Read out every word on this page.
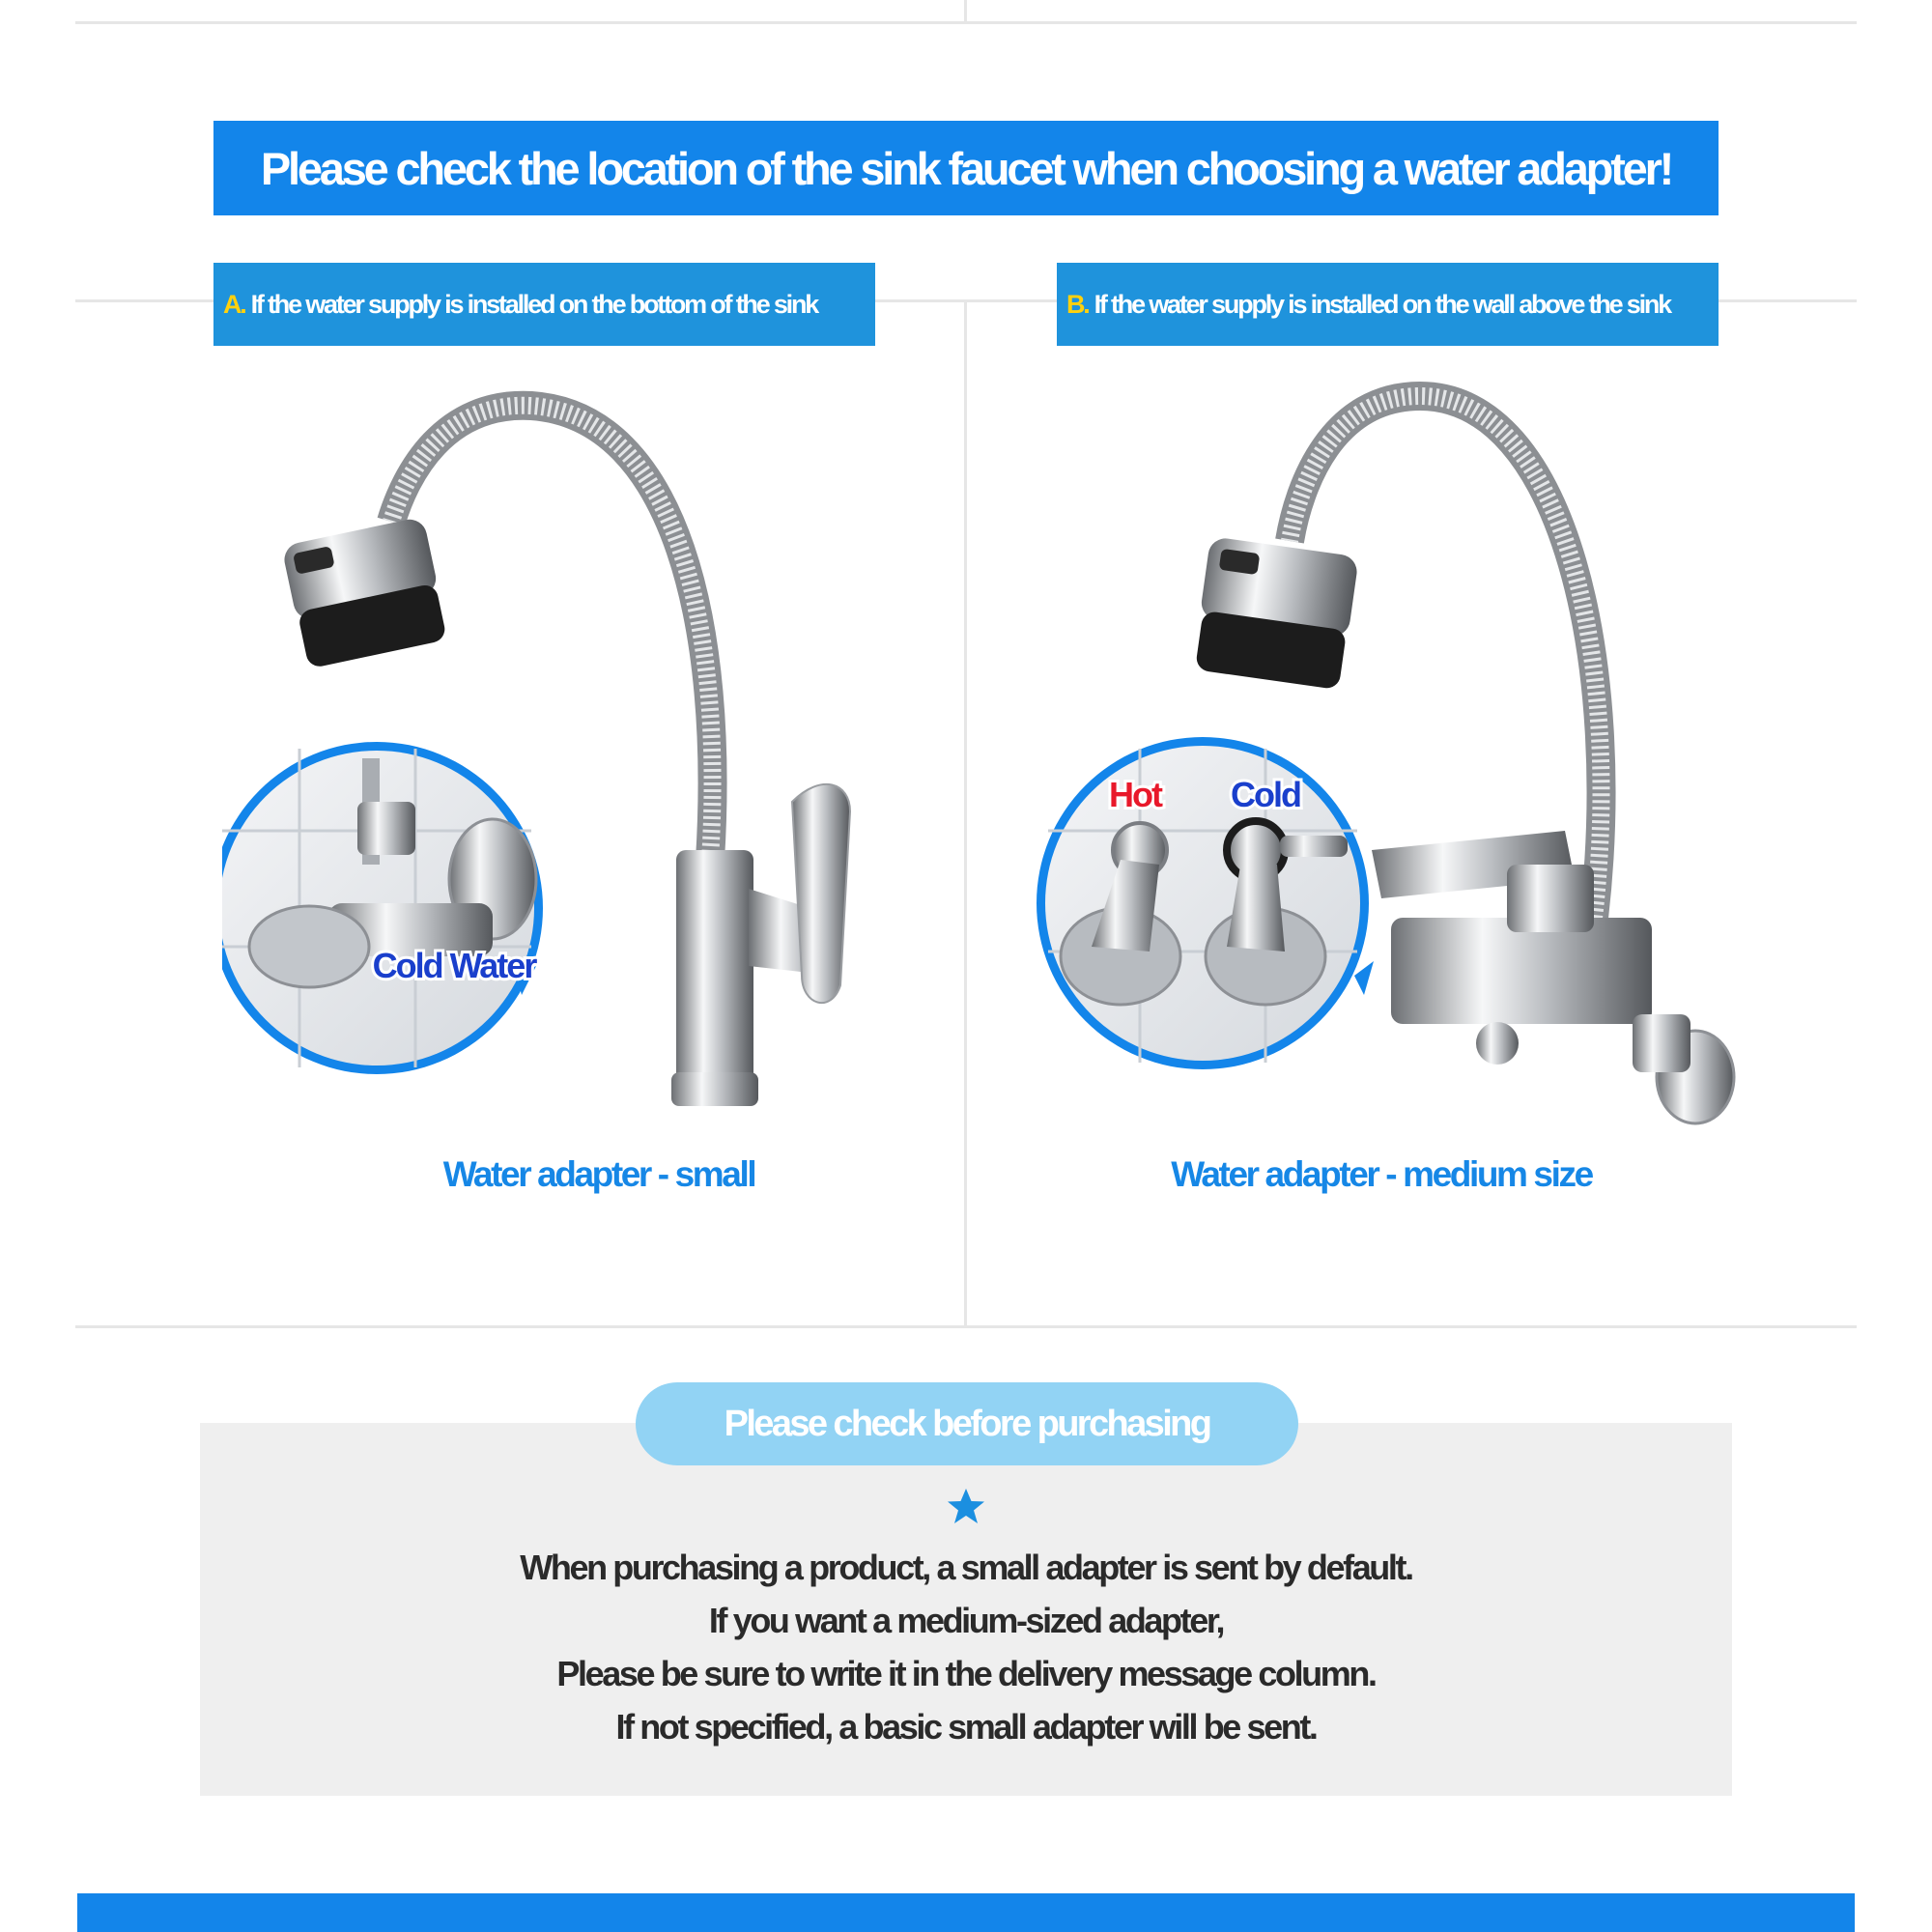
Please check the location of the sink faucet when choosing a water adapter!
A. If the water supply is installed on the bottom of the sink	B. If the water supply is installed on the wall above the sink
Cold Water
Hot Cold
Water adapter - small	Water adapter - medium size
Please check before purchasing
When purchasing a product, a small adapter is sent by default.
If you want a medium-sized adapter,
Please be sure to write it in the delivery message column.
If not specified, a basic small adapter will be sent.
